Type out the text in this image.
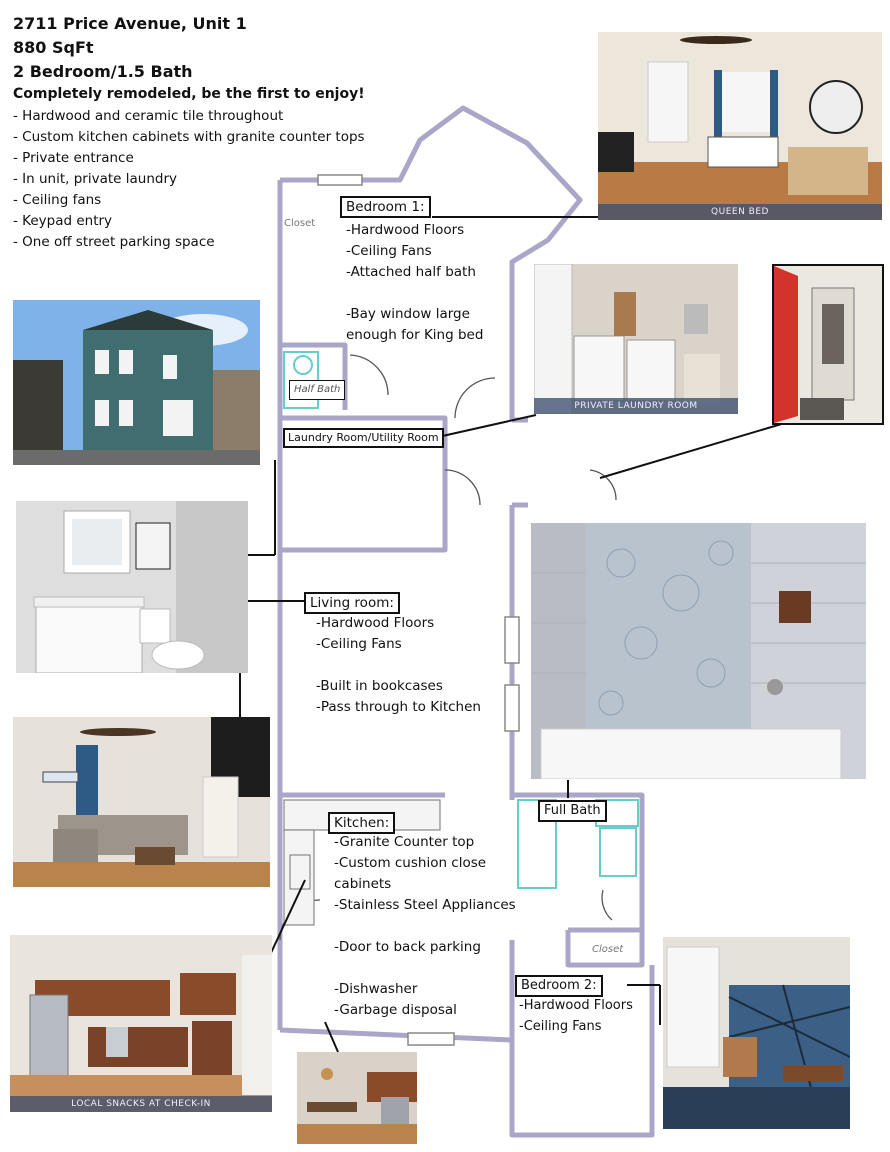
2711 Price Avenue, Unit 1
880 SqFt
2 Bedroom/1.5 Bath
Completely remodeled, be the first to enjoy!
- Hardwood and ceramic tile throughout
- Custom kitchen cabinets with granite counter tops
- Private entrance
- In unit, private laundry
- Ceiling fans
- Keypad entry
- One off street parking space
Bedroom 1:
-Hardwood Floors
-Ceiling Fans
-Attached half bath
-Bay window large
enough for King bed
Half Bath
Laundry Room/Utility Room
Living room:
-Hardwood Floors
-Ceiling Fans
-Built in bookcases
-Pass through to Kitchen
Kitchen:
-Granite Counter top
-Custom cushion close
cabinets
-Stainless Steel Appliances
-Door to back parking
-Dishwasher
-Garbage disposal
Full Bath
Closet
Closet
Bedroom 2:
-Hardwood Floors
-Ceiling Fans
QUEEN BED
PRIVATE LAUNDRY ROOM
LOCAL SNACKS AT CHECK-IN
